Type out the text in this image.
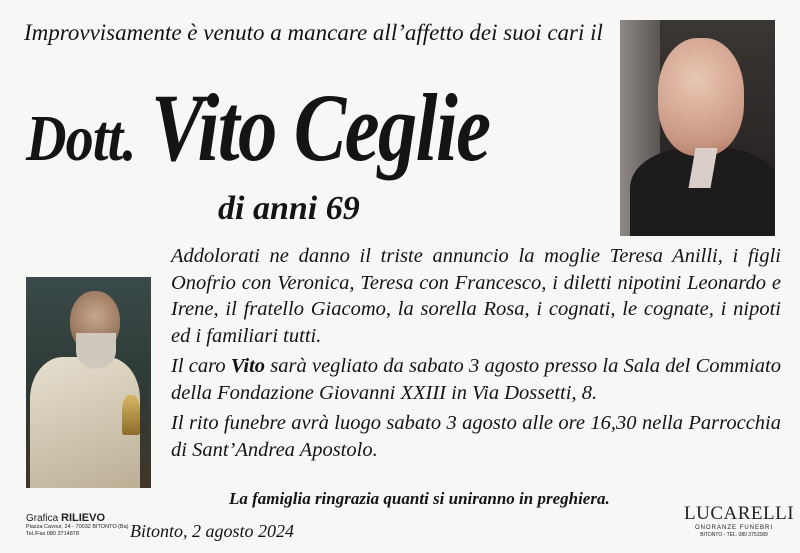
Improvvisamente è venuto a mancare all’affetto dei suoi cari il
Dott. Vito Ceglie
di anni 69

Addolorati ne danno il triste annuncio la moglie Teresa Anilli, i figli Onofrio con Veronica, Teresa con Francesco, i diletti nipotini Leonardo e Irene, il fratello Giacomo, la sorella Rosa, i cognati, le cognate, i nipoti ed i familiari tutti.

Il caro Vito sarà vegliato da sabato 3 agosto presso la Sala del Commiato della Fondazione Giovanni XXIII in Via Dossetti, 8.

Il rito funebre avrà luogo sabato 3 agosto alle ore 16,30 nella Parrocchia di Sant’Andrea Apostolo.

La famiglia ringrazia quanti si uniranno in preghiera.
Grafica RILIEVO
Piazza Cavour, 24 - 70032 BITONTO (Ba)
Tel./Fax 080 3714878	Bitonto, 2 agosto 2024
LUCARELLI
ONORANZE FUNEBRI
BITONTO - TEL. 080 3751589
